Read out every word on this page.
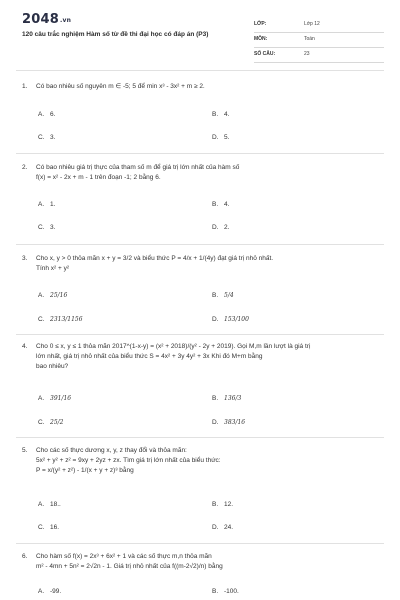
2048.vn
120 câu trắc nghiệm Hàm số từ đề thi đại học có đáp án (P3)
LỚP:	Lớp 12
MÔN:	Toán
SỐ CÂU:	23
1. Có bao nhiêu số nguyên m ∈ -5; 5 để min x³ - 3x² + m ≥ 2.
A. 6.	B. 4.
C. 3.	D. 5.
2. Có bao nhiêu giá trị thực của tham số m để giá trị lớn nhất của hàm số
f(x) = x² - 2x + m - 1 trên đoạn -1; 2 bằng 6.
A. 1.	B. 4.
C. 3.	D. 2.
3. Cho x, y > 0 thỏa mãn x + y = 3/2 và biểu thức P = 4/x + 1/(4y) đạt giá trị nhỏ nhất.
Tính x² + y²
A. 25/16	B. 5/4
C. 2313/1156	D. 153/100
4. Cho 0 ≤ x, y ≤ 1 thỏa mãn 2017^(1-x-y) = (x² + 2018)/(y² - 2y + 2019). Gọi M,m lần lượt là giá trị
lớn nhất, giá trị nhỏ nhất của biểu thức S = 4x² + 3y 4y² + 3x Khi đó M+m bằng
bao nhiêu?
A. 391/16	B. 136/3
C. 25/2	D. 383/16
5. Cho các số thực dương x, y, z thay đổi và thỏa mãn:
5x² + y² + z² = 9xy + 2yz + zx. Tìm giá trị lớn nhất của biểu thức:
P = x/(y² + z²) - 1/(x + y + z)³ bằng
A. 18..	B. 12.
C. 16.	D. 24.
6. Cho hàm số f(x) = 2x³ + 6x² + 1 và các số thực m,n thỏa mãn
m² - 4mn + 5n² = 2√2n - 1. Giá trị nhỏ nhất của f((m-2√2)/n) bằng
A. -99.	B. -100.
